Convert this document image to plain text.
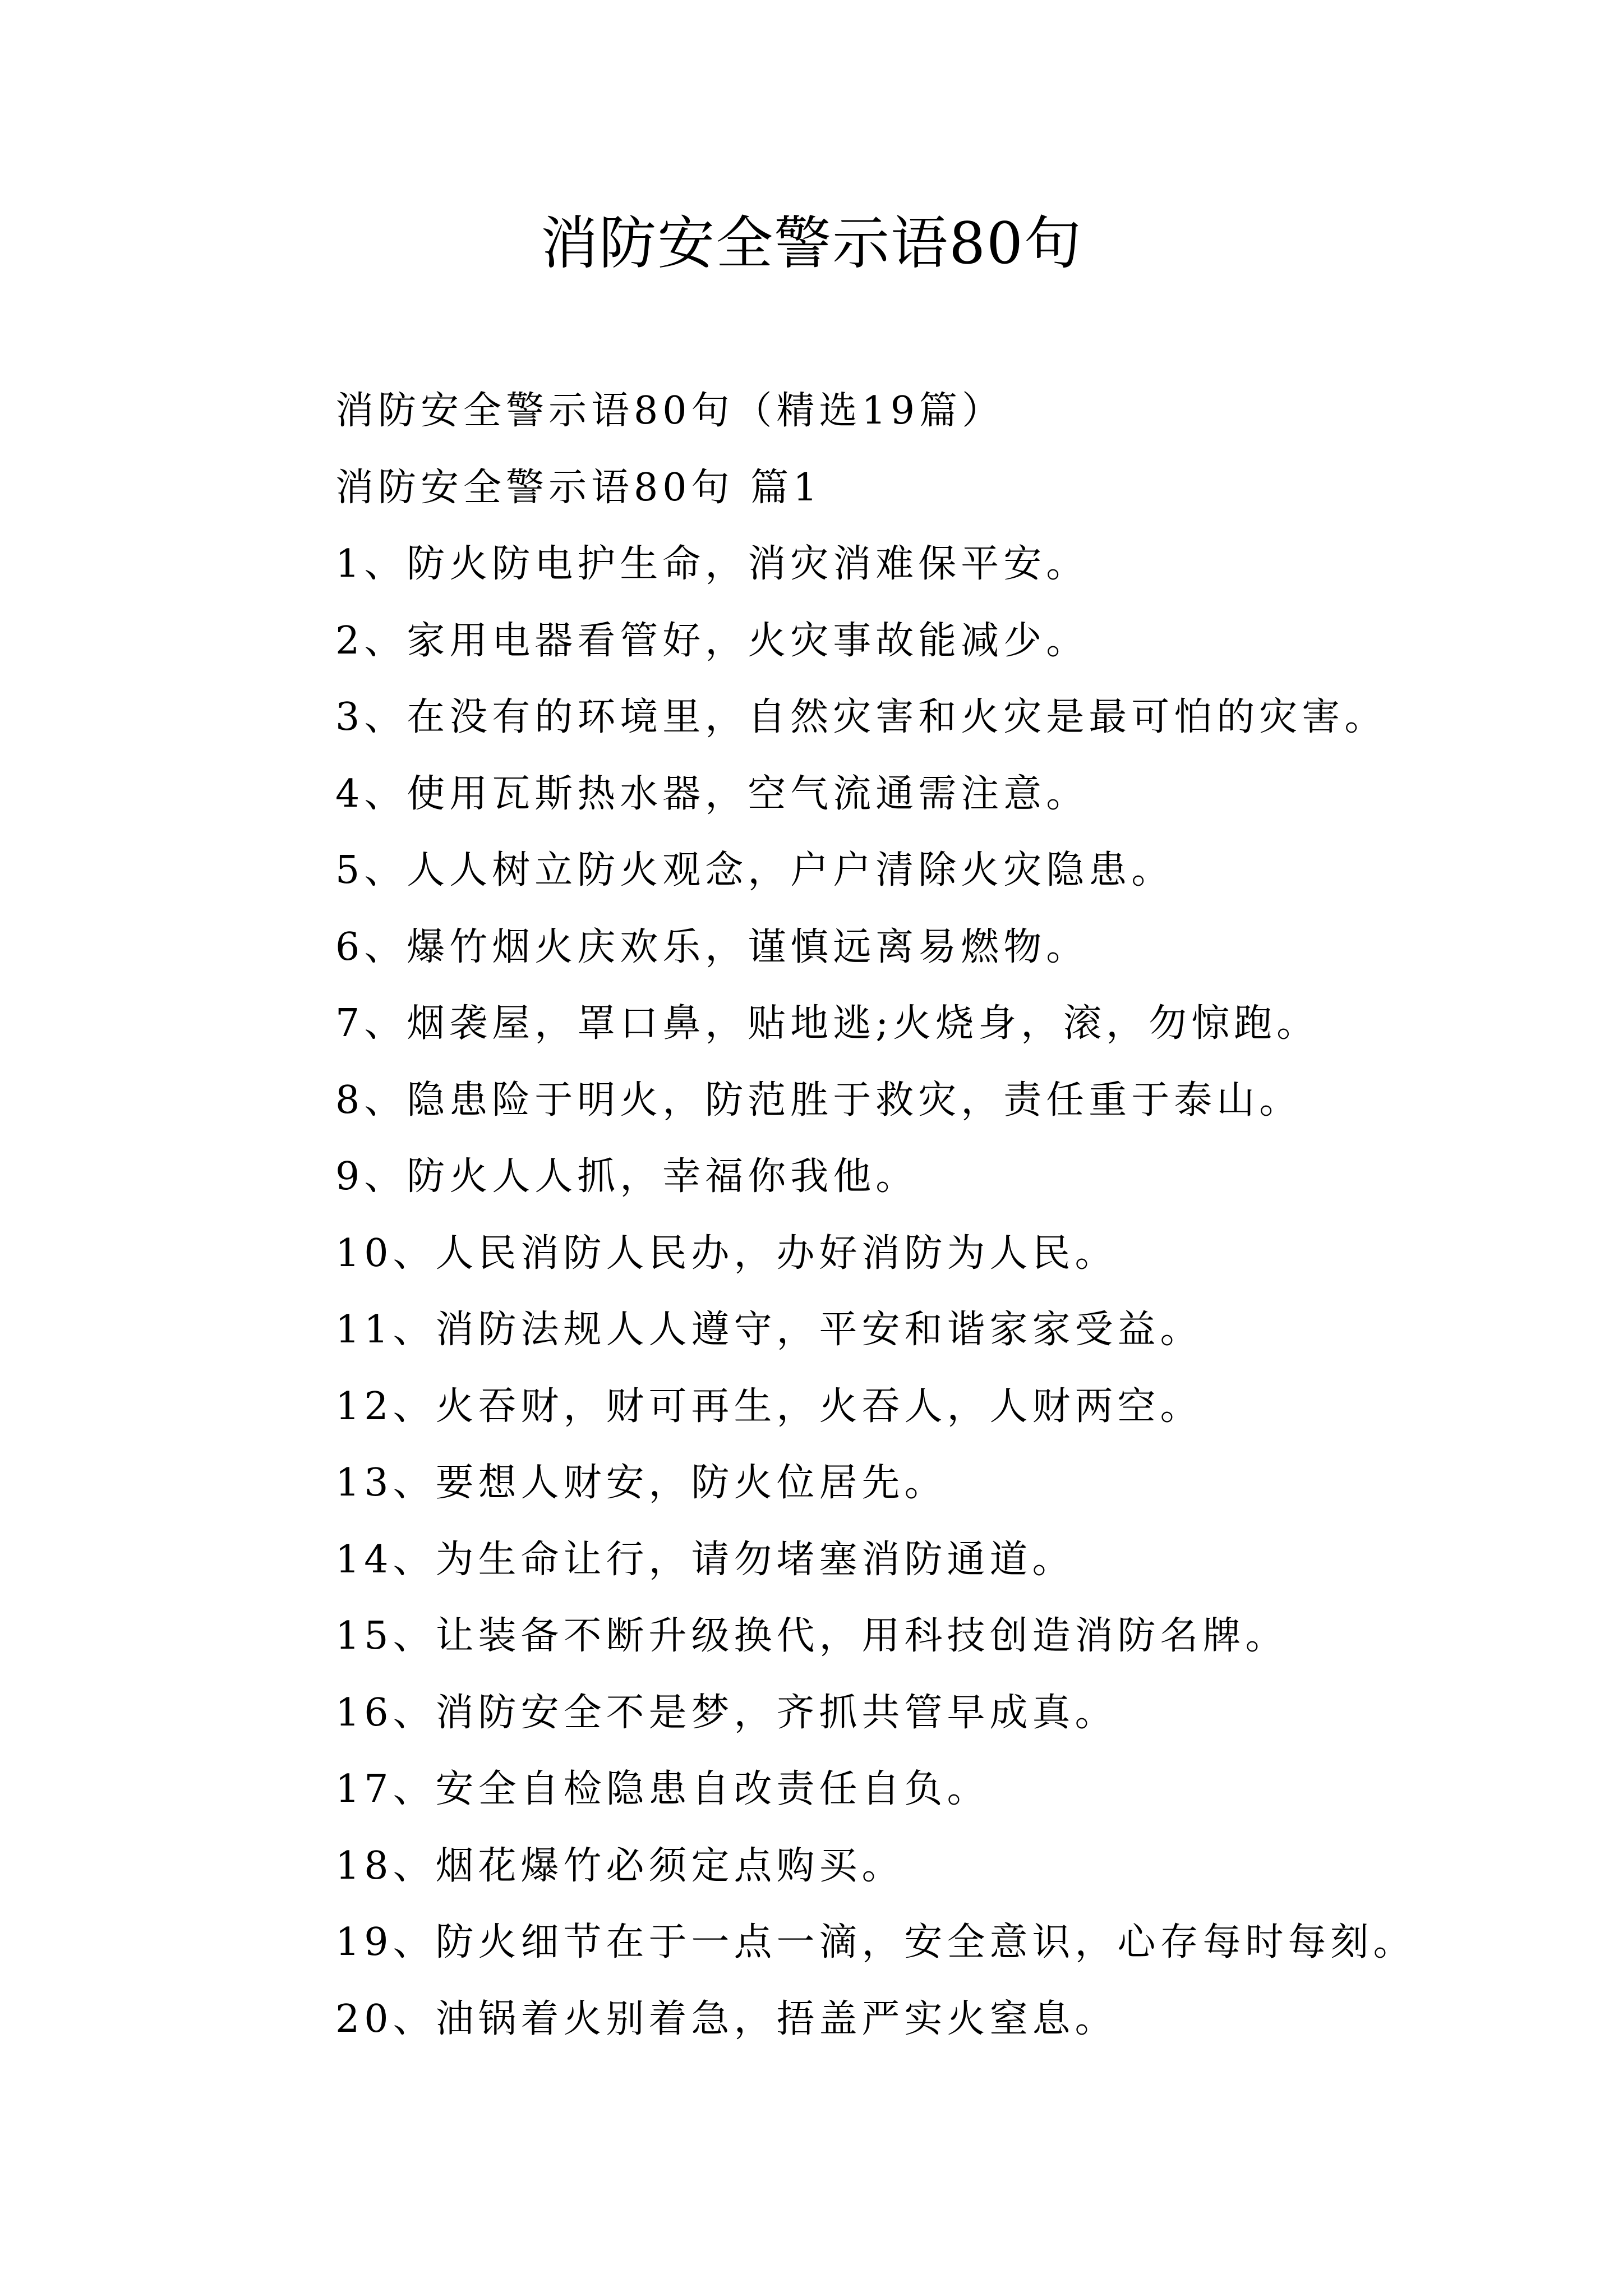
消防安全警示语80句
消防安全警示语80句（精选19篇）
消防安全警示语80句 篇1
1、防火防电护生命，消灾消难保平安。
2、家用电器看管好，火灾事故能减少。
3、在没有的环境里，自然灾害和火灾是最可怕的灾害。
4、使用瓦斯热水器，空气流通需注意。
5、人人树立防火观念，户户清除火灾隐患。
6、爆竹烟火庆欢乐，谨慎远离易燃物。
7、烟袭屋，罩口鼻，贴地逃;火烧身，滚，勿惊跑。
8、隐患险于明火，防范胜于救灾，责任重于泰山。
9、防火人人抓，幸福你我他。
10、人民消防人民办，办好消防为人民。
11、消防法规人人遵守，平安和谐家家受益。
12、火吞财，财可再生，火吞人，人财两空。
13、要想人财安，防火位居先。
14、为生命让行，请勿堵塞消防通道。
15、让装备不断升级换代，用科技创造消防名牌。
16、消防安全不是梦，齐抓共管早成真。
17、安全自检隐患自改责任自负。
18、烟花爆竹必须定点购买。
19、防火细节在于一点一滴，安全意识，心存每时每刻。
20、油锅着火别着急，捂盖严实火窒息。
